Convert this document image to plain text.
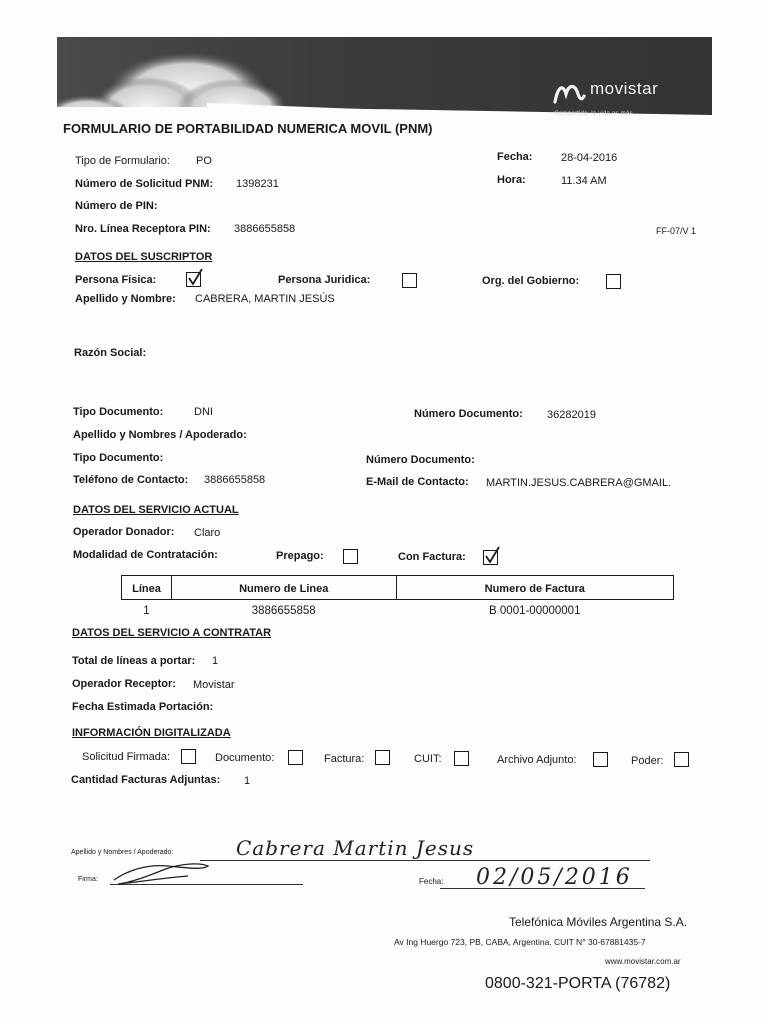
movistar
Compartida, la vida es más
FORMULARIO DE PORTABILIDAD NUMERICA MOVIL (PNM)
Tipo de Formulario: PO
Número de Solicitud PNM: 1398231
Número de PIN:
Nro. Línea Receptora PIN: 3886655858
Fecha:	28-04-2016
Hora:	11.34 AM
FF-07/V 1
DATOS DEL SUSCRIPTOR
Persona Física:	Persona Juridica:	Org. del Gobierno:
Apellido y Nombre: CABRERA, MARTIN JESÚS
Razón Social:
Tipo Documento:	DNI	Número Documento: 36282019
Apellido y Nombres / Apoderado:
Tipo Documento:	Número Documento:
Teléfono de Contacto: 3886655858	E-Mail de Contacto: MARTIN.JESUS.CABRERA@GMAIL.
DATOS DEL SERVICIO ACTUAL
Operador Donador: Claro
Modalidad de Contratación:	Prepago:	Con Factura:
Línea	Numero de Linea	Numero de Factura
1	3886655858	B 0001-00000001
DATOS DEL SERVICIO A CONTRATAR
Total de líneas a portar: 1
Operador Receptor: Movistar
Fecha Estimada Portación:
INFORMACIÓN DIGITALIZADA
Solicitud Firmada:	Documento:	Factura:	CUIT:	Archivo Adjunto:	Poder:
Cantidad Facturas Adjuntas: 1
Apellido y Nombres / Apoderado:	Cabrera Martin Jesus
Firma:	Fecha: 02/05/2016
Telefónica Móviles Argentina S.A.
Av Ing Huergo 723, PB, CABA, Argentina. CUIT N° 30-67881435-7
www.movistar.com.ar
0800-321-PORTA (76782)
